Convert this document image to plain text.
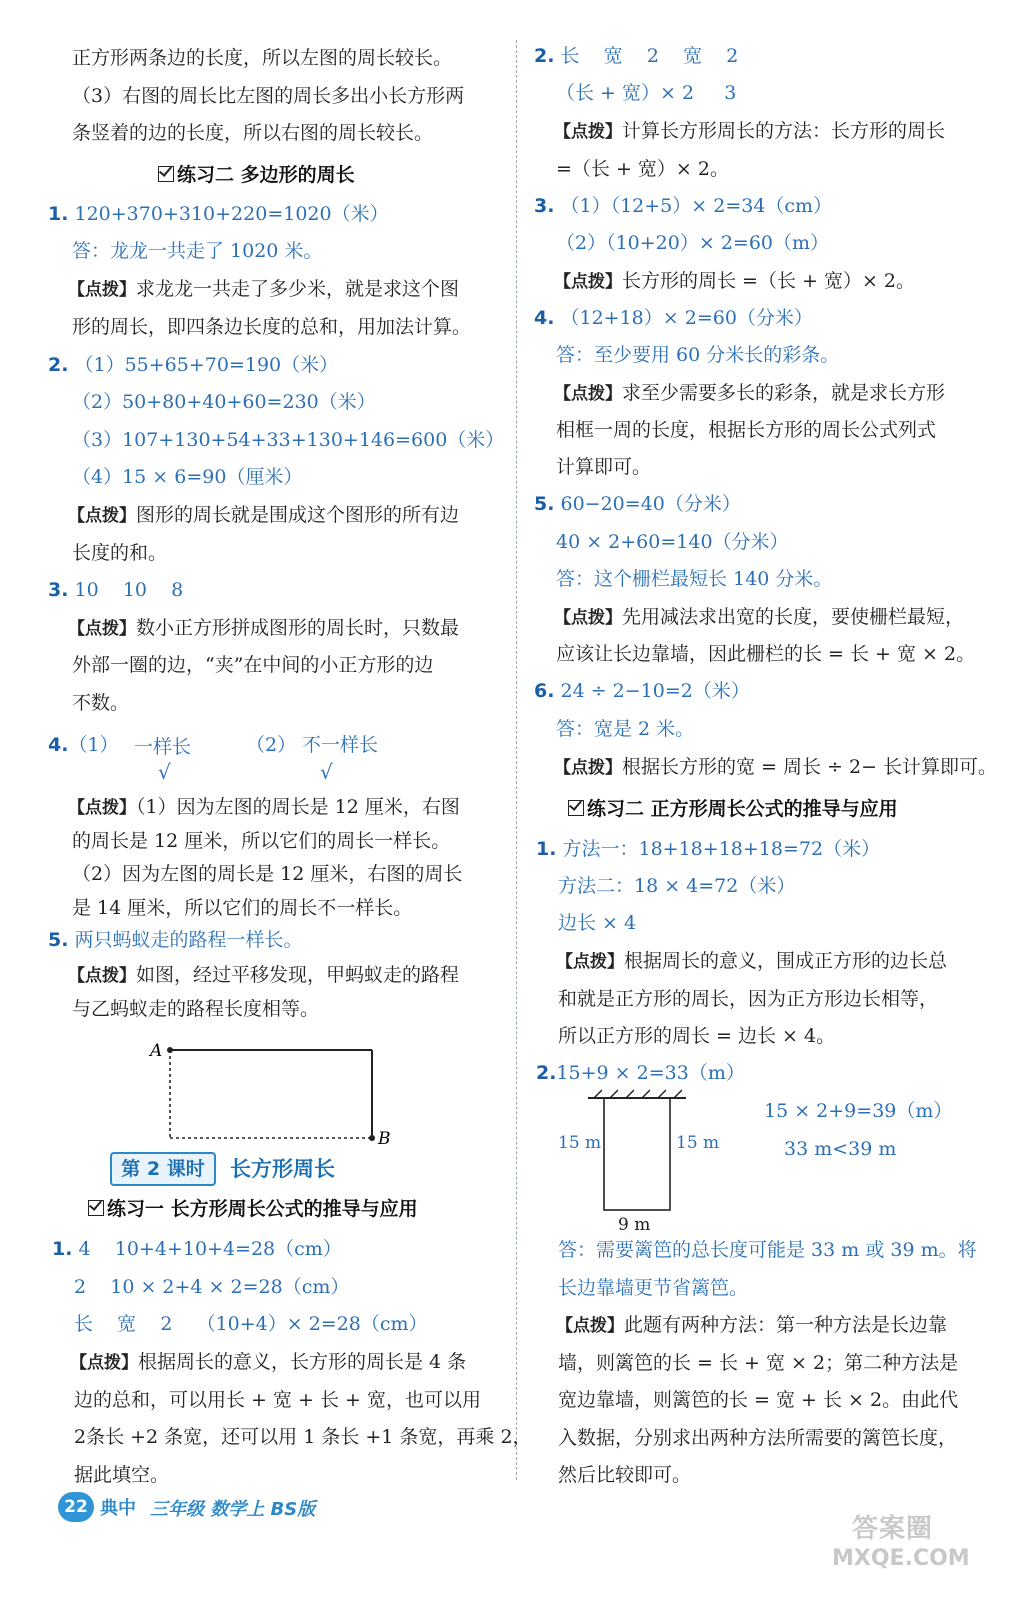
正方形两条边的长度，所以左图的周长较长。
（3）右图的周长比左图的周长多出小长方形两
条竖着的边的长度，所以右图的周长较长。
练习二 多边形的周长
1. 120+370+310+220=1020（米）
答：龙龙一共走了 1020 米。
【点拨】求龙龙一共走了多少米，就是求这个图
形的周长，即四条边长度的总和，用加法计算。
2. （1）55+65+70=190（米）
（2）50+80+40+60=230（米）
（3）107+130+54+33+130+146=600（米）
（4）15 × 6=90（厘米）
【点拨】图形的周长就是围成这个图形的所有边
长度的和。
3. 10    10    8
【点拨】数小正方形拼成图形的周长时，只数最
外部一圈的边，“夹”在中间的小正方形的边
不数。
4.（1） 一样长	（2） 不一样长
√	√
【点拨】（1）因为左图的周长是 12 厘米，右图
的周长是 12 厘米，所以它们的周长一样长。
（2）因为左图的周长是 12 厘米，右图的周长
是 14 厘米，所以它们的周长不一样长。
5. 两只蚂蚁走的路程一样长。
【点拨】如图，经过平移发现，甲蚂蚁走的路程
与乙蚂蚁走的路程长度相等。
A
B
第 2 课时	长方形周长
练习一 长方形周长公式的推导与应用
1. 4    10+4+10+4=28（cm）
2    10 × 2+4 × 2=28（cm）
长    宽    2    （10+4）× 2=28（cm）
【点拨】根据周长的意义，长方形的周长是 4 条
边的总和，可以用长 + 宽 + 长 + 宽，也可以用
2条长 +2 条宽，还可以用 1 条长 +1 条宽，再乘 2，
据此填空。
2. 长    宽    2    宽    2
（长 + 宽）× 2     3
【点拨】计算长方形周长的方法：长方形的周长
=（长 + 宽）× 2。
3. （1）（12+5）× 2=34（cm）
（2）（10+20）× 2=60（m）
【点拨】长方形的周长 =（长 + 宽）× 2。
4. （12+18）× 2=60（分米）
答：至少要用 60 分米长的彩条。
【点拨】求至少需要多长的彩条，就是求长方形
相框一周的长度，根据长方形的周长公式列式
计算即可。
5. 60−20=40（分米）
40 × 2+60=140（分米）
答：这个栅栏最短长 140 分米。
【点拨】先用减法求出宽的长度，要使栅栏最短，
应该让长边靠墙，因此栅栏的长 = 长 + 宽 × 2。
6. 24 ÷ 2−10=2（米）
答：宽是 2 米。
【点拨】根据长方形的宽 = 周长 ÷ 2− 长计算即可。
练习二 正方形周长公式的推导与应用
1. 方法一：18+18+18+18=72（米）
方法二：18 × 4=72（米）
边长 × 4
【点拨】根据周长的意义，围成正方形的边长总
和就是正方形的周长，因为正方形边长相等，
所以正方形的周长 = 边长 × 4。
2.15+9 × 2=33（m）
15 × 2+9=39（m）
33 m<39 m
15 m	15 m
9 m
答：需要篱笆的总长度可能是 33 m 或 39 m。将
长边靠墙更节省篱笆。
【点拨】此题有两种方法：第一种方法是长边靠
墙，则篱笆的长 = 长 + 宽 × 2；第二种方法是
宽边靠墙，则篱笆的长 = 宽 + 长 × 2。由此代
入数据，分别求出两种方法所需要的篱笆长度，
然后比较即可。
22 典中 三年级 数学上 BS版
答案圈
MXQE.COM
